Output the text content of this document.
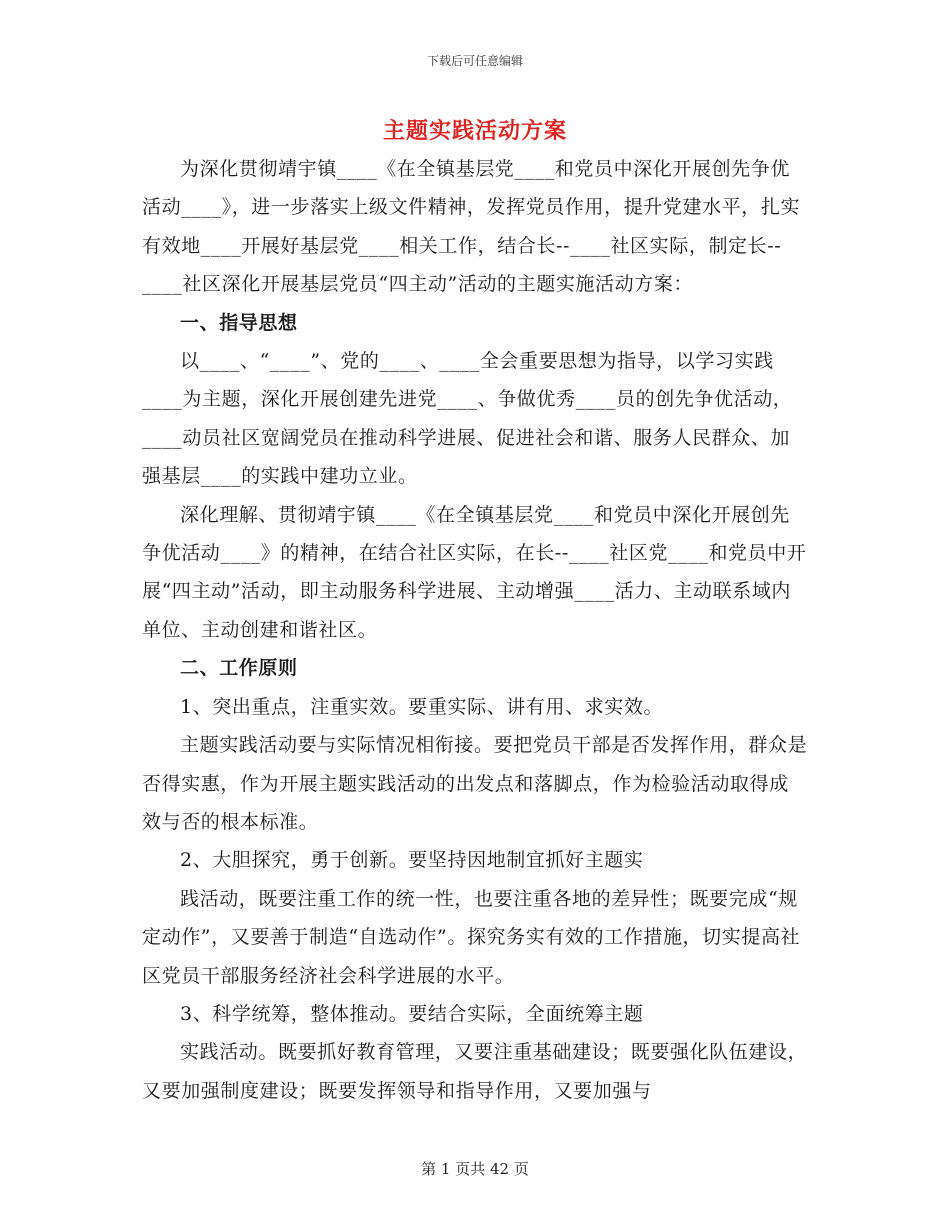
下载后可任意编辑
主题实践活动方案

为深化贯彻靖宇镇____《在全镇基层党____和党员中深化开展创先争优活动____》，进一步落实上级文件精神，发挥党员作用，提升党建水平，扎实有效地____开展好基层党____相关工作，结合长--____社区实际，制定长--____社区深化开展基层党员“四主动”活动的主题实施活动方案：

一、指导思想

以____、“____”、党的____、____全会重要思想为指导，以学习实践____为主题，深化开展创建先进党____、争做优秀____员的创先争优活动，____动员社区宽阔党员在推动科学进展、促进社会和谐、服务人民群众、加强基层____的实践中建功立业。

深化理解、贯彻靖宇镇____《在全镇基层党____和党员中深化开展创先争优活动____》的精神，在结合社区实际，在长--____社区党____和党员中开展“四主动”活动，即主动服务科学进展、主动增强____活力、主动联系域内单位、主动创建和谐社区。

二、工作原则

1、突出重点，注重实效。要重实际、讲有用、求实效。

主题实践活动要与实际情况相衔接。要把党员干部是否发挥作用，群众是否得实惠，作为开展主题实践活动的出发点和落脚点，作为检验活动取得成效与否的根本标准。

2、大胆探究，勇于创新。要坚持因地制宜抓好主题实

践活动，既要注重工作的统一性，也要注重各地的差异性；既要完成“规定动作”，又要善于制造“自选动作”。探究务实有效的工作措施，切实提高社区党员干部服务经济社会科学进展的水平。

3、科学统筹，整体推动。要结合实际，全面统筹主题

实践活动。既要抓好教育管理，又要注重基础建设；既要强化队伍建设，又要加强制度建设；既要发挥领导和指导作用，又要加强与

第 1 页共 42 页
